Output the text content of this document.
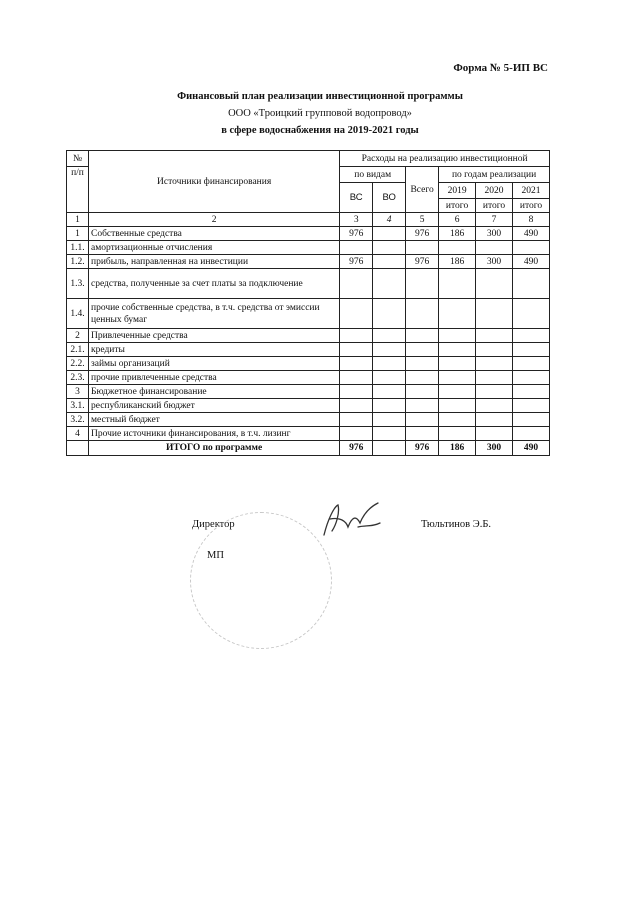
Форма № 5-ИП ВС
Финансовый план реализации инвестиционной программы
ООО «Троицкий групповой водопровод»
в сфере водоснабжения на 2019-2021 годы
№	Источники финансирования	Расходы на реализацию инвестиционной					
п/п		по видам		Всего	по годам реализации		
		ВС	ВО		2019	2020	2021
					итого	итого	итого
1	2	3	4	5	6	7	8
1	Собственные средства	976		976	186	300	490
1.1.	амортизационные отчисления						
1.2.	прибыль, направленная на инвестиции	976		976	186	300	490
1.3.	средства, полученные за счет платы за подключение						
1.4.	прочие собственные средства, в т.ч. средства от эмиссии ценных бумаг						
2	Привлеченные средства						
2.1.	кредиты						
2.2.	займы организаций						
2.3.	прочие привлеченные средства						
3	Бюджетное финансирование						
3.1.	республиканский бюджет						
3.2.	местный бюджет						
4	Прочие источники финансирования, в т.ч. лизинг						
	ИТОГО по программе	976		976	186	300	490
Директор
МП
Тюльтинов Э.Б.
